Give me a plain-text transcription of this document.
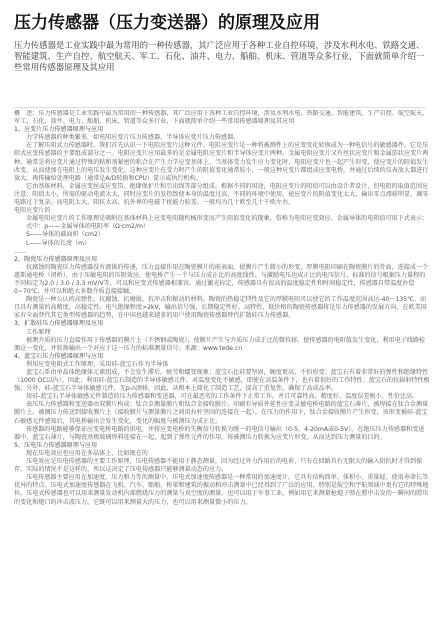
压力传感器（压力变送器）的原理及应用
压力传感器是工业实践中最为常用的一种传感器，其广泛应用于各种工业自控环境，涉及水利水电、铁路交通、智能建筑、生产自控、航空航天、军工、石化、油井、电力、船舶、机床、管道等众多行业，下面就简单介绍一些常用传感器原理及其应用

概　述：压力传感器是工业实践中最为常用的一种传感器，其广泛应用于各种工业自控环境，涉及水利水电、铁路交通、智能建筑、生产自控、航空航天、军工、石化、油井、电力、船舶、机床、管道等众多行业，下面就简单介绍一些常用传感器原理及其应用

1、应变片压力传感器原理与应用

力学传感器的种类繁多，如电阻应变片压力传感器、半导体应变片压力传感器、

在了解压阻式力传感器时，我们首先认识一下电阻应变片这种元件。电阻应变片是一种将被测件上的应变变化转换成为一种电信号的敏感器件。它是压阻式应变传感器的主要组成部分之一。电阻应变片应用最多的是金属电阻应变片和半导体应变片两种。金属电阻应变片又有丝状应变片和金属箔状应变片两种。通常是将应变片通过特殊的粘和剂紧密的粘合在产生力学应变基体上，当基体受力发生应力变化时，电阻应变片也一起产生形变，使应变片的阻值发生改变，从而使加在电阻上的电压发生变化。这种应变片在受力时产生的阻值变化通常较小，一般这种应变片都组成应变电桥，并通过后续的仪表放大器进行放大，再传输给处理电路（通常是A/D转换和CPU）显示或执行机构。

它由基体材料、金属应变丝或应变箔、绝缘保护片和引出线等部分组成。根据不同的用途，电阻应变片的阻值可以由设计者设计，但电阻的取值范围应注意：阻值太小，所需的驱动电流太大，同时应变片的发热致使本身的温度过高，不同的环境中使用，使应变片的阻值变化太大，输出零点漂移明显，调零电路过于复杂。而电阻太大，阻抗太高，抗外界的电磁干扰能力较差。一般均为几十欧至几十千欧左右。

电阻应变片的

金属电阻应变片的工作原理是吸附在基体材料上应变电阻随机械形变而产生阻值变化的现象，俗称为电阻应变效应。金属导体的电阻值可用下式表示：

式中：ρ——金属导体的电阻率（Ω·cm2/m）

S——导体的截面积（cm2）

L——导体的长度（m）

……

2、陶瓷压力传感器原理及应用

抗腐蚀的陶瓷压力传感器没有液体的传递，压力直接作用在陶瓷膜片的前表面，使膜片产生微小的形变，厚膜电阻印刷在陶瓷膜片的背面，连接成一个惠斯通电桥（闭桥），由于压敏电阻的压阻效应，使电桥产生一个与压力成正比的高度线性、与激励电压也成正比的电压信号，标准的信号根据压力量程的不同标定为2.0 / 3.0 / 3.3 mV/V等，可以和应变式传感器相兼容。通过激光标定，传感器具有很高的温度稳定性和时间稳定性，传感器自带温度补偿0~70℃，并可以和绝大多数介质直接接触。

陶瓷是一种公认的高弹性、抗腐蚀、抗磨损、抗冲击和振动的材料。陶瓷的热稳定特性及它的厚膜电阻可以使它的工作温度范围高达-40～135℃，而且具有测量的高精度、高稳定性。电气绝缘程度>2kV，输出信号强，长期稳定性好。高特性，低价格的陶瓷传感器将是压力传感器的发展方向，在欧美国家有全面替代其它类型传感器的趋势，在中国也越来越多的用户使用陶瓷传感器替代扩散硅压力传感器。

3、扩散硅压力传感器原理及应用

工作原理

被测介质的压力直接作用于传感器的膜片上（不锈钢或陶瓷），使膜片产生与介质压力成正比的微位移，使传感器的电阻值发生变化，利用电子线路检测这一变化，并转换输出一个对应于这一压力的标准测量信号。来源：www.tede.cn

4、蓝宝石压力传感器原理与应用

利用应变电阻式工作原理，采用硅-蓝宝石作为半导体

蓝宝石系由单晶体绝缘体元素组成，不会发生滞后、疲劳和蠕变现象；蓝宝石比硅要坚固，硬度更高，不怕形变；蓝宝石有着非常好的弹性和绝缘特性（1000 OC以内），因此，利用硅-蓝宝石制造的半导体敏感元件，对温度变化不敏感，即使在高温条件下，也有着很好的工作特性；蓝宝石的抗辐射特性极强；另外，硅-蓝宝石半导体敏感元件，无p-n漂移，因此，从根本上简化了制造工艺，提高了重复性，确保了高成品率。

用硅-蓝宝石半导体敏感元件制造的压力传感器和变送器，可在最恶劣的工作条件下正常工作，并且可靠性高、精度好、温度误差极小、性价比高。

表压压力传感器和变送器由双膜片构成：钛合金测量膜片和钛合金接收膜片。印刷有异质外延性应变灵敏电桥电路的蓝宝石薄片，被焊接在钛合金测量膜片上。被测压力传送到接收膜片上（接收膜片与测量膜片之间用拉杆坚固的连接在一起）。在压力的作用下，钛合金接收膜片产生形变，该形变被硅-蓝宝石敏感元件感知后，其电桥输出会发生变化，变化的幅度与被测压力成正比。

传感器的电路能够保证应变电桥电路的供电，并将应变电桥的失衡信号转换为统一的电信号输出（0-5，4-20mA或0-5V）。在绝压压力传感器和变送器中，蓝宝石薄片，与陶瓷基极玻璃焊料连接在一起，起到了弹性元件的作用，将被测压力转换为应变片形变，从而达到压力测量的目的。

5、压电压力传感器原理与应用

现在压电效应也应用在多晶体上，比如现在的

压电效应是压电传感器的主要工作原理，压电传感器不能用于静态测量，因为经过外力作用后的电荷，只有在回路具有无限大的输入阻抗时才得到保存。实际的情况不是这样的，所以这决定了压电传感器只能够测量动态的应力。

压电传感器主要应用在加速度、压力和力等的测量中。压电式加速度传感器是一种常用的加速度计。它具有结构简单、体积小、重量轻、使用寿命长等优异的特点。压电式加速度传感器在飞机、汽车、船舶、桥梁和建筑的振动和冲击测量中已经得到了广泛的应用，特别是航空和宇航领域中更有它的特殊地位。压电式传感器也可以用来测量发动机内部燃烧压力的测量与真空度的测量。也可以用于军事工业，例如用它来测量枪炮子弹在膛中击发的一瞬间的膛压的变化和炮口的冲击波压力。它既可以用来测量大的压力，也可以用来测量微小的压力。
